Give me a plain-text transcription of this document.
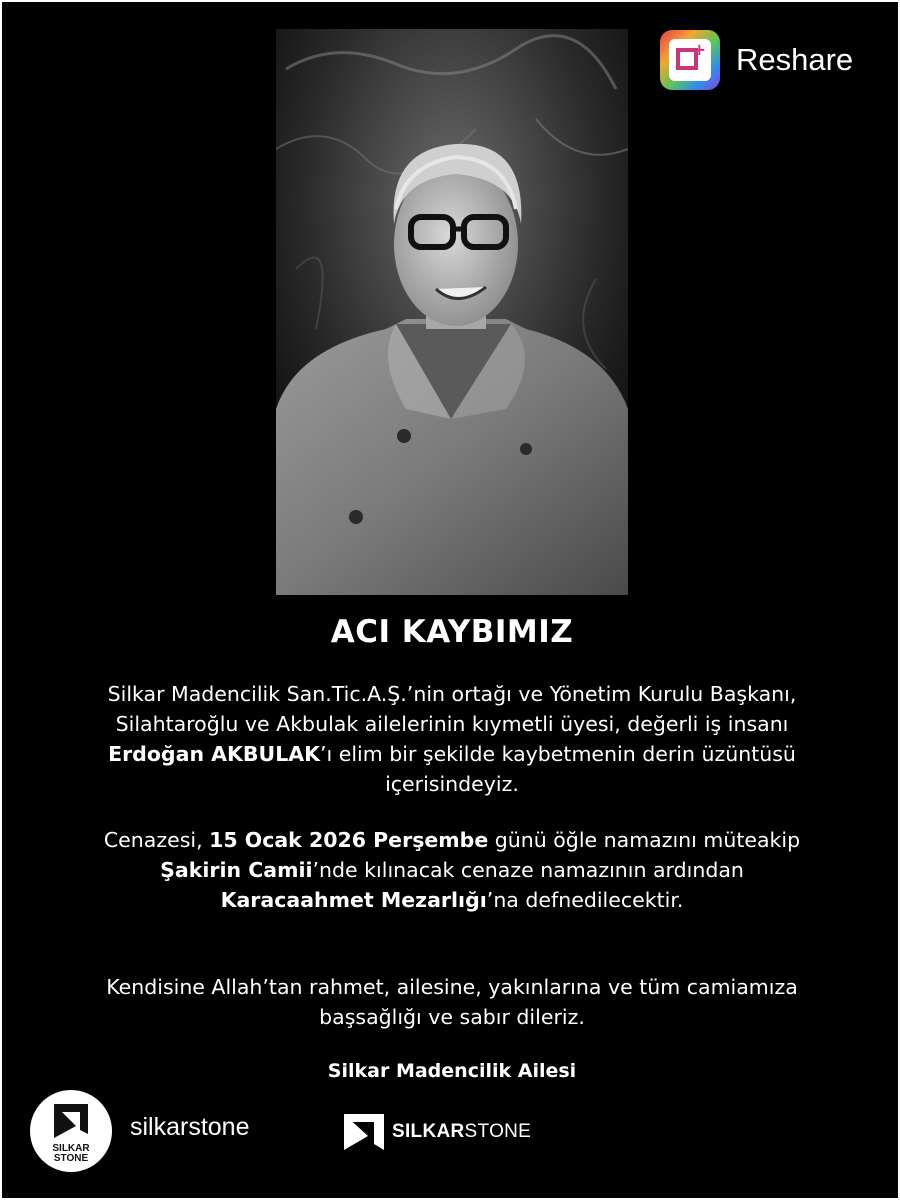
+ Reshare
ACI KAYBIMIZ
Silkar Madencilik San.Tic.A.Ş.’nin ortağı ve Yönetim Kurulu Başkanı, Silahtaroğlu ve Akbulak ailelerinin kıymetli üyesi, değerli iş insanı Erdoğan AKBULAK’ı elim bir şekilde kaybetmenin derin üzüntüsü içerisindeyiz.
Cenazesi, 15 Ocak 2026 Perşembe günü öğle namazını müteakip Şakirin Camii’nde kılınacak cenaze namazının ardından Karacaahmet Mezarlığı’na defnedilecektir.
Kendisine Allah’tan rahmet, ailesine, yakınlarına ve tüm camiamıza başsağlığı ve sabır dileriz.
Silkar Madencilik Ailesi
SILKAR
STONE
silkarstone	SILKARSTONE
